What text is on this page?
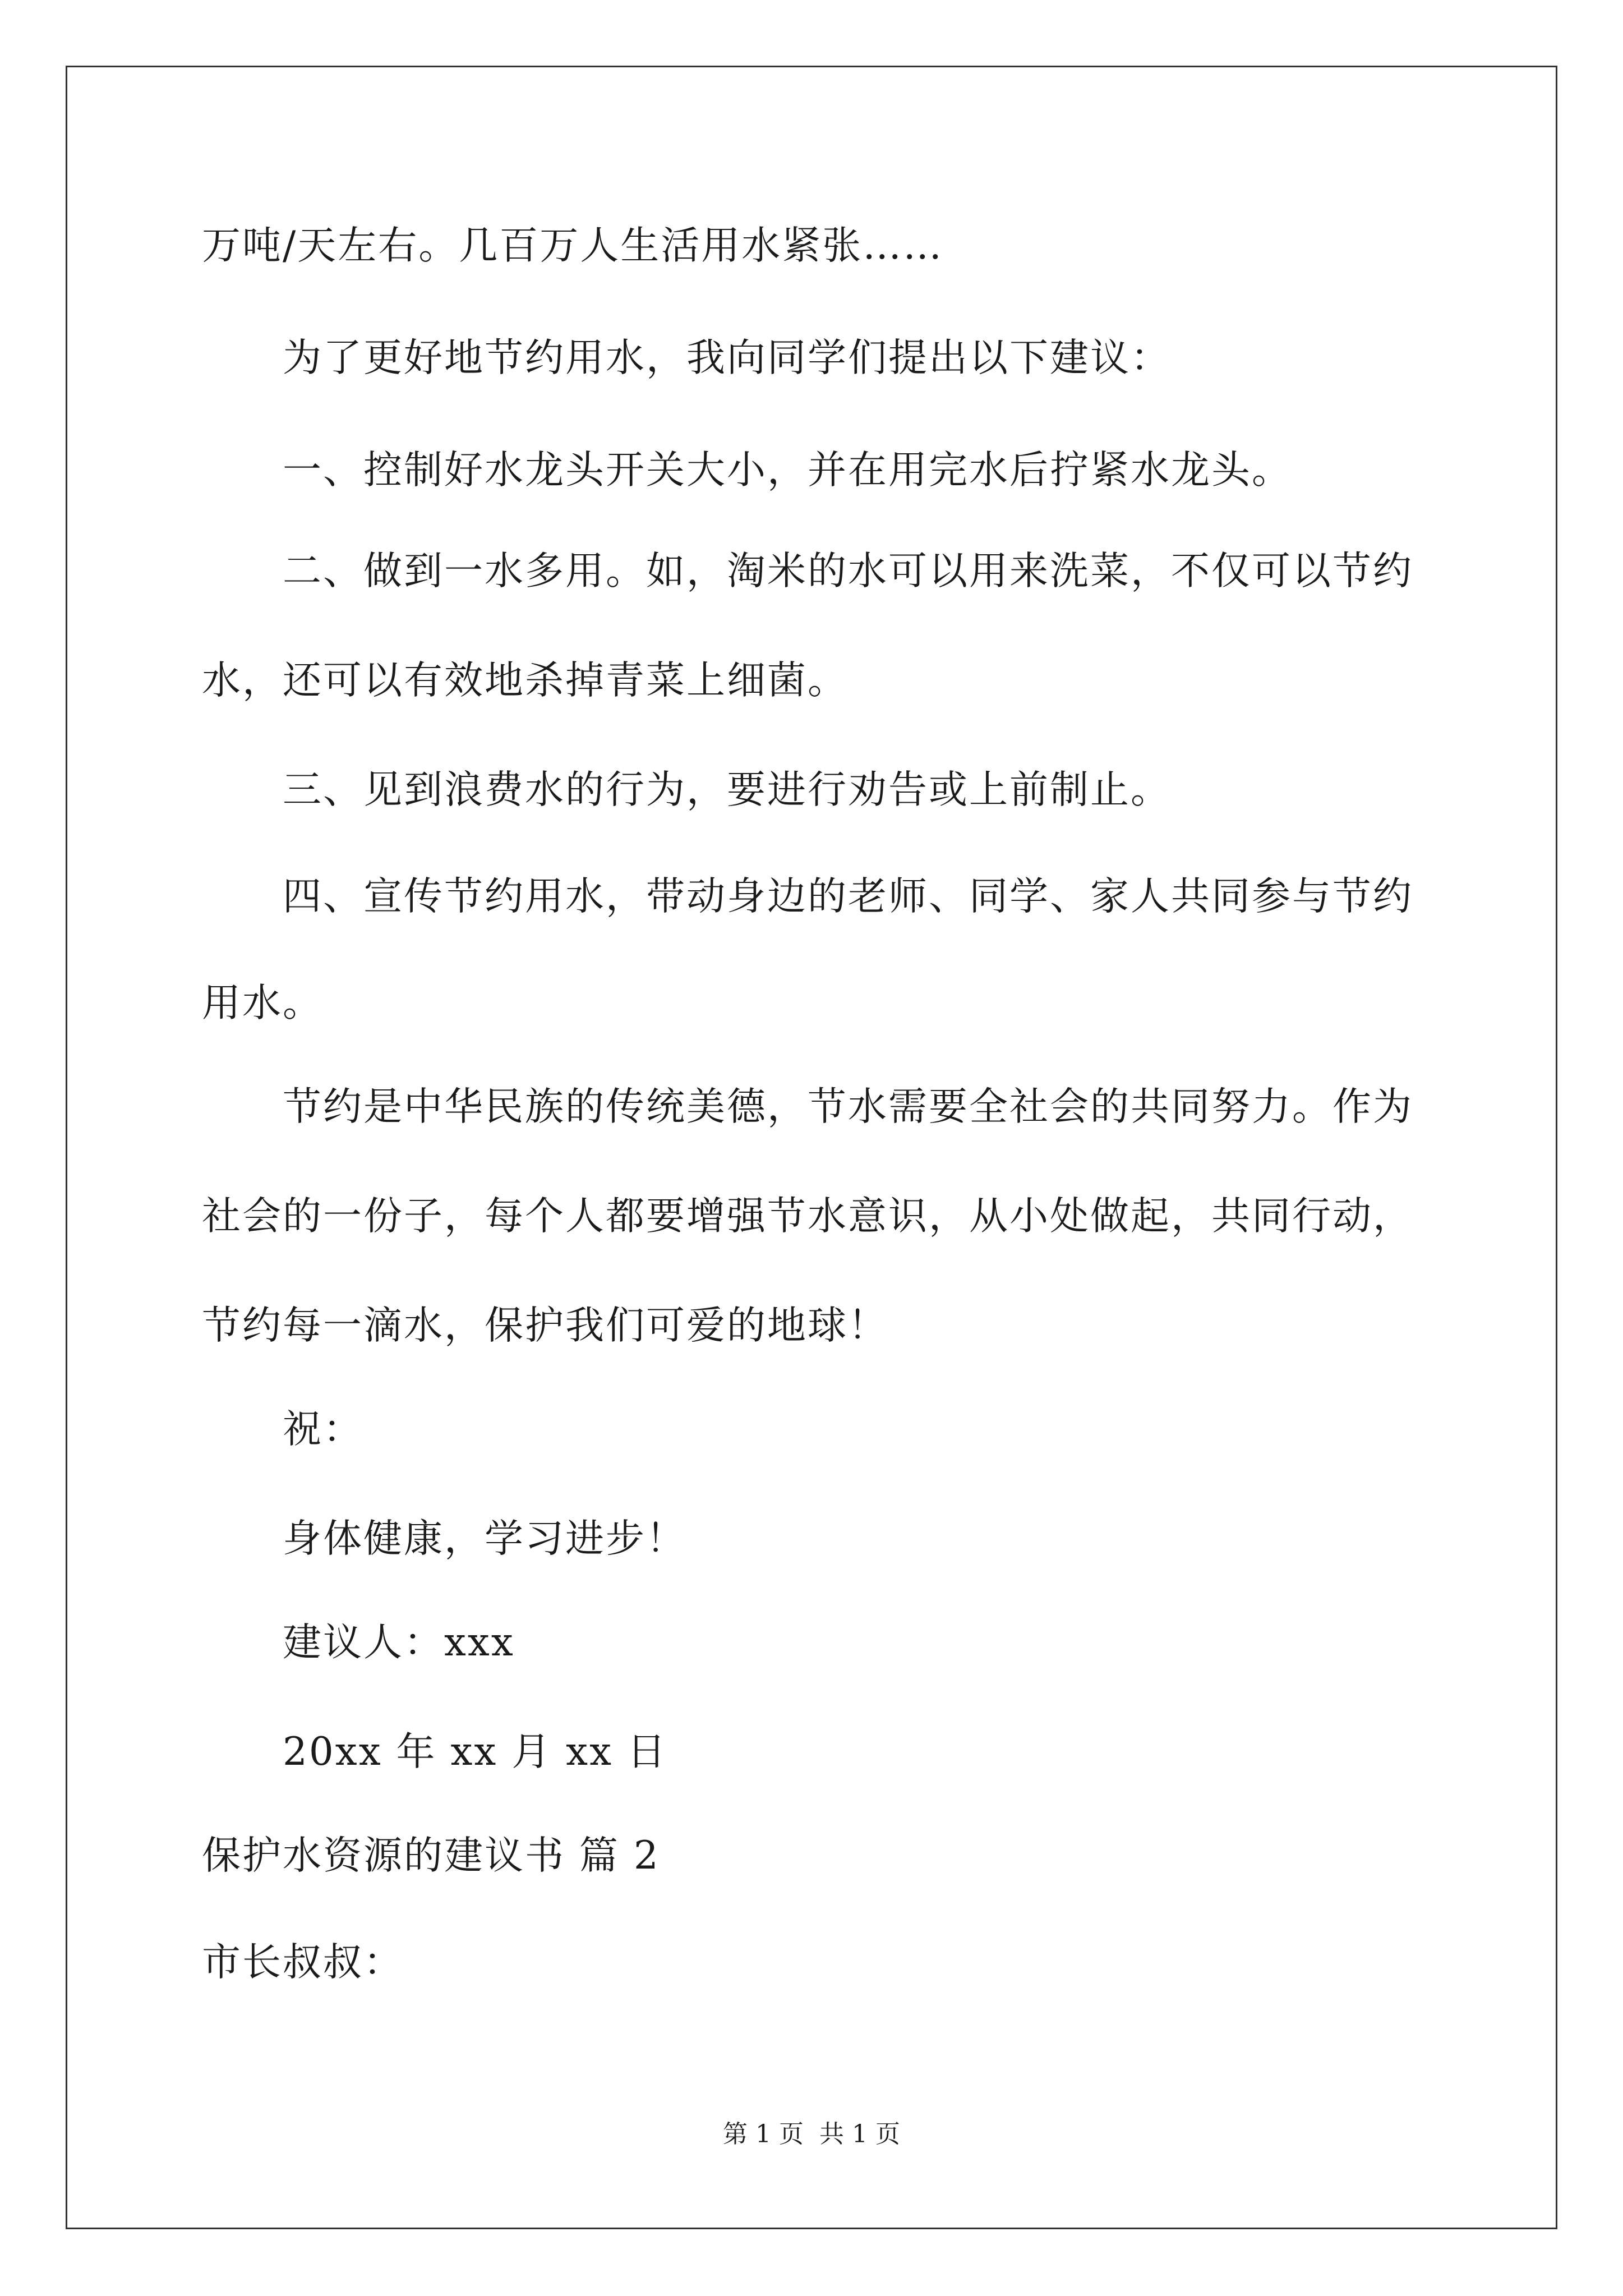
万吨/天左右。几百万人生活用水紧张……
为了更好地节约用水，我向同学们提出以下建议：
一、控制好水龙头开关大小，并在用完水后拧紧水龙头。
二、做到一水多用。如，淘米的水可以用来洗菜，不仅可以节约
水，还可以有效地杀掉青菜上细菌。
三、见到浪费水的行为，要进行劝告或上前制止。
四、宣传节约用水，带动身边的老师、同学、家人共同参与节约
用水。
节约是中华民族的传统美德，节水需要全社会的共同努力。作为
社会的一份子，每个人都要增强节水意识，从小处做起，共同行动，
节约每一滴水，保护我们可爱的地球！
祝：
身体健康，学习进步！
建议人：xxx
20xx 年 xx 月 xx 日
保护水资源的建议书 篇 2
市长叔叔：
第 1 页 共 1 页
